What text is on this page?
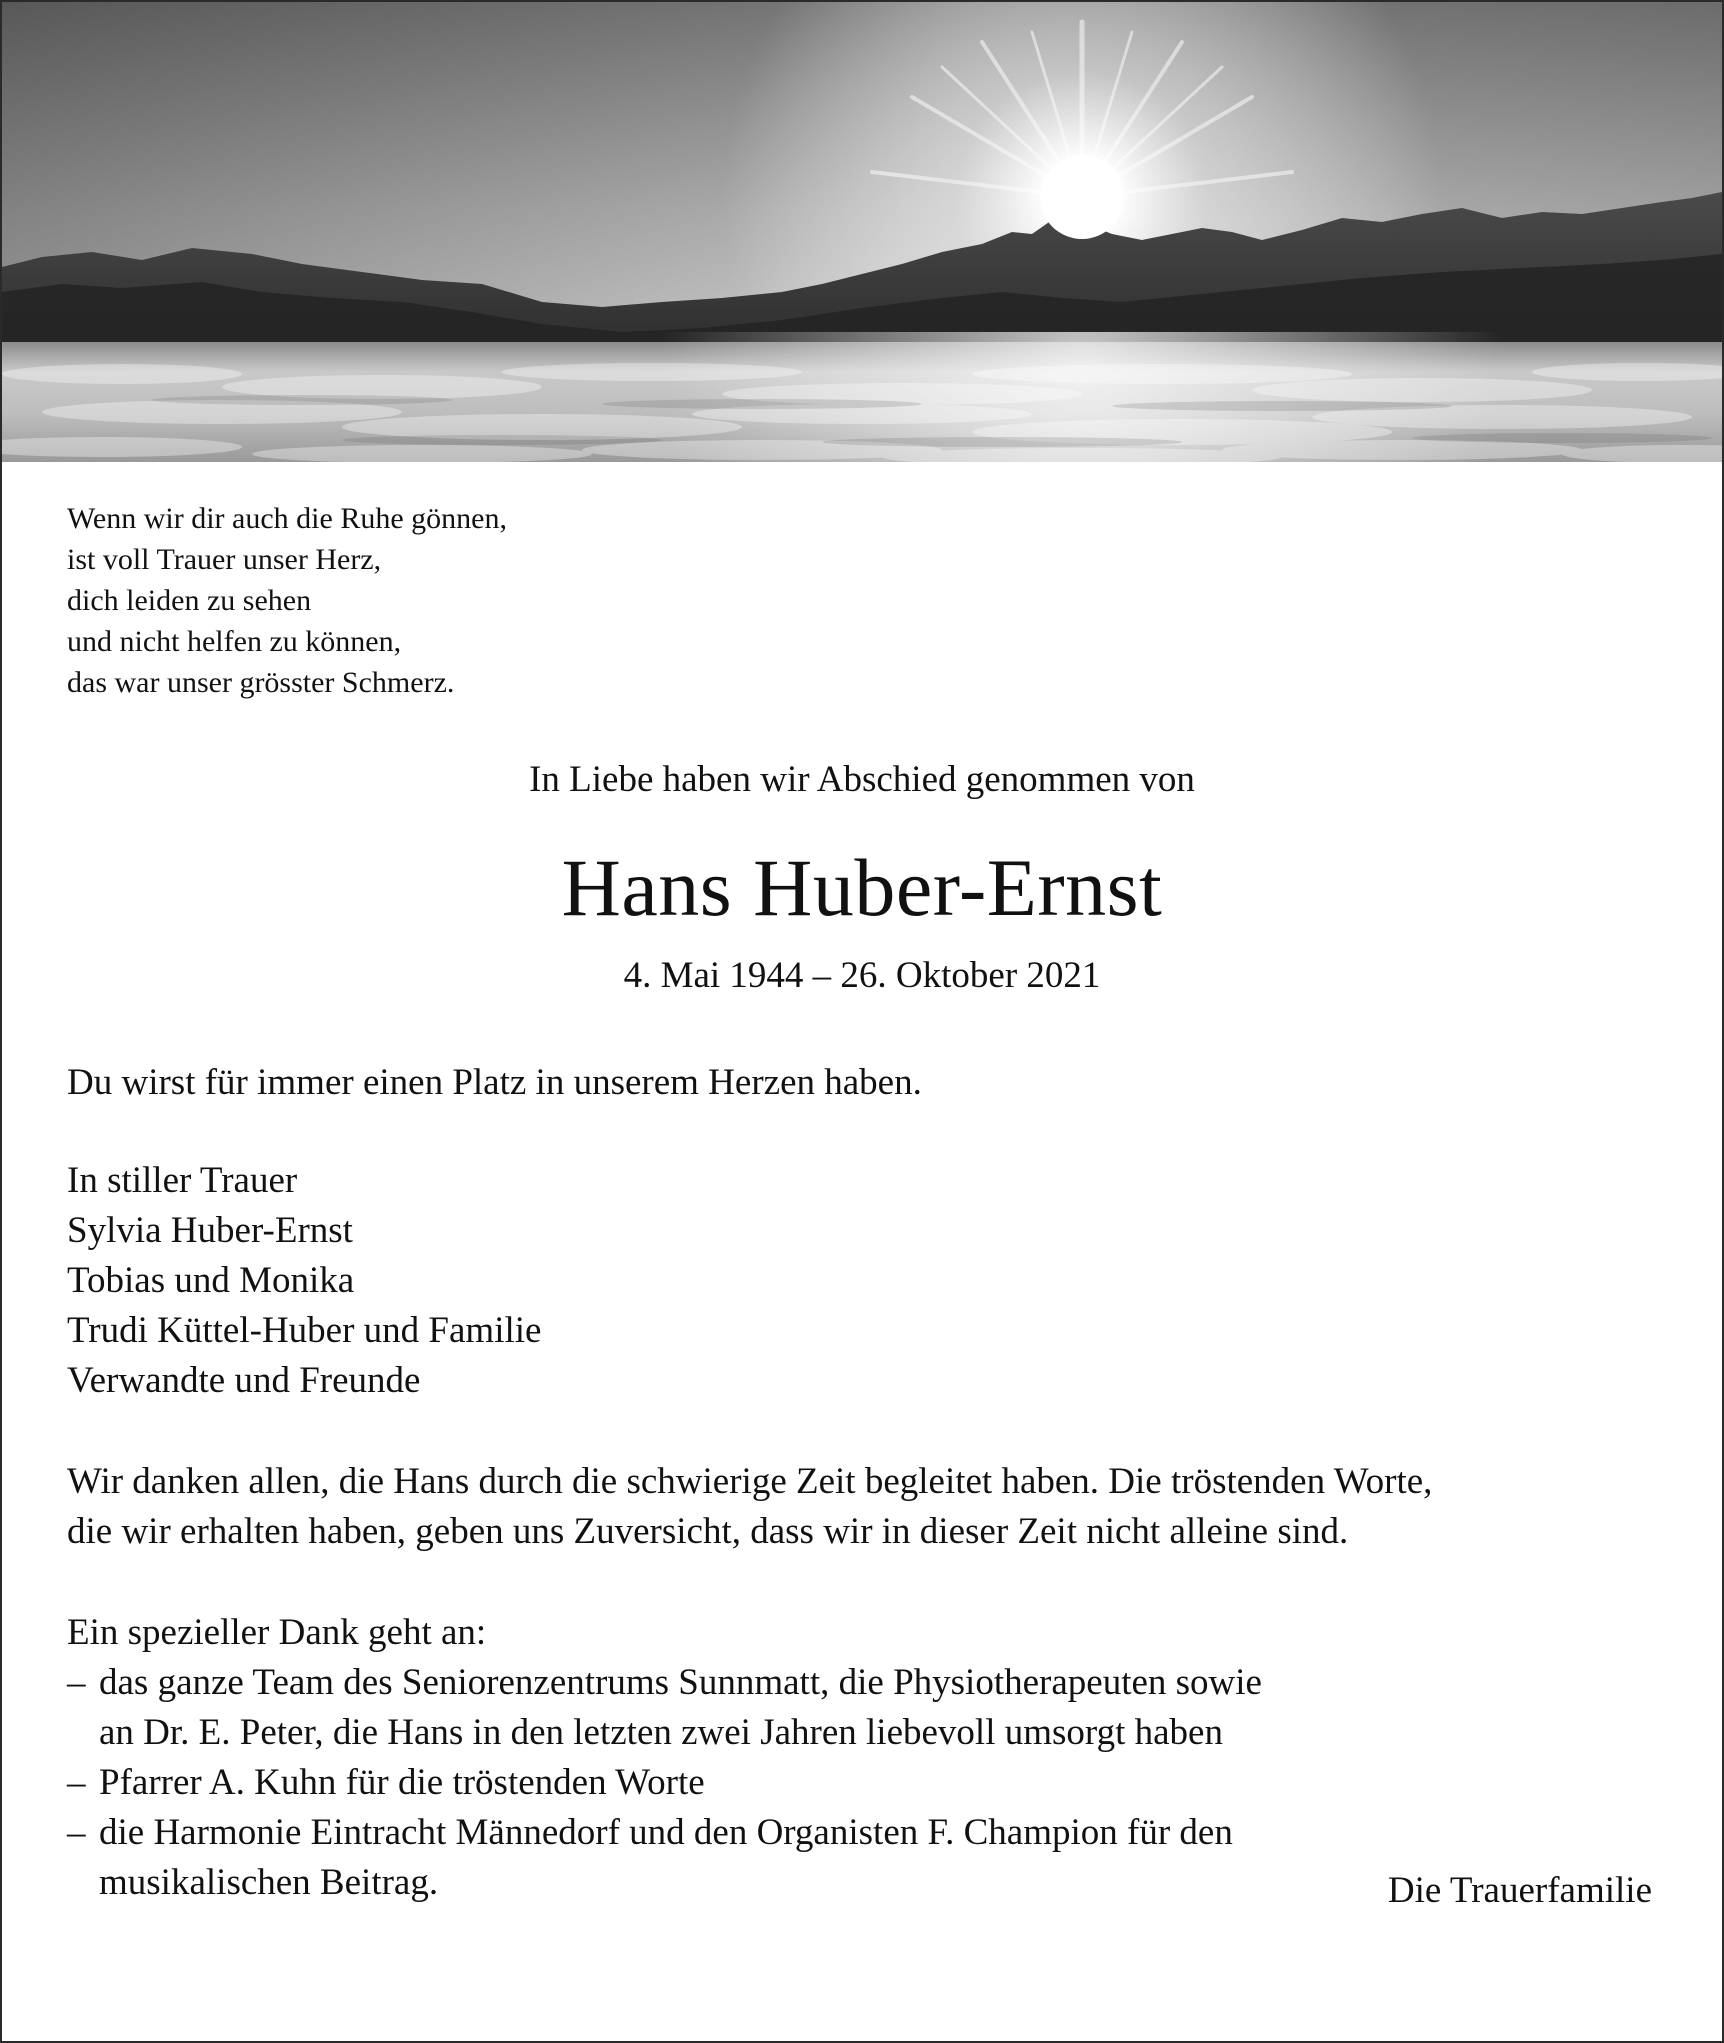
Wenn wir dir auch die Ruhe gönnen,
ist voll Trauer unser Herz,
dich leiden zu sehen
und nicht helfen zu können,
das war unser grösster Schmerz.
In Liebe haben wir Abschied genommen von
Hans Huber-Ernst
4. Mai 1944 – 26. Oktober 2021
Du wirst für immer einen Platz in unserem Herzen haben.
In stiller Trauer
Sylvia Huber-Ernst
Tobias und Monika
Trudi Küttel-Huber und Familie
Verwandte und Freunde
Wir danken allen, die Hans durch die schwierige Zeit begleitet haben. Die tröstenden Worte,
die wir erhalten haben, geben uns Zuversicht, dass wir in dieser Zeit nicht alleine sind.
Ein spezieller Dank geht an:
– das ganze Team des Seniorenzentrums Sunnmatt, die Physiotherapeuten sowie
an Dr. E. Peter, die Hans in den letzten zwei Jahren liebevoll umsorgt haben
– Pfarrer A. Kuhn für die tröstenden Worte
– die Harmonie Eintracht Männedorf und den Organisten F. Champion für den
musikalischen Beitrag.	Die Trauerfamilie
